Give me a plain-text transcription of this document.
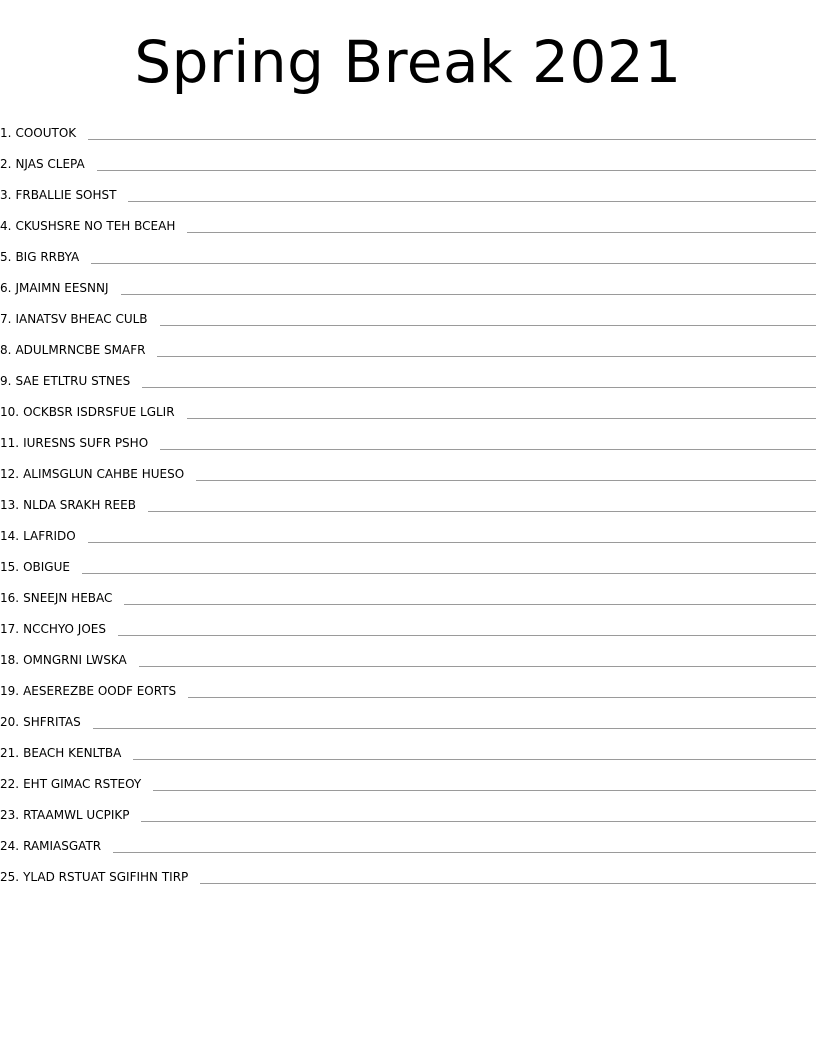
Spring Break 2021
1. COOUTOK
2. NJAS CLEPA
3. FRBALLIE SOHST
4. CKUSHSRE NO TEH BCEAH
5. BIG RRBYA
6. JMAIMN EESNNJ
7. IANATSV BHEAC CULB
8. ADULMRNCBE SMAFR
9. SAE ETLTRU STNES
10. OCKBSR ISDRSFUE LGLIR
11. IURESNS SUFR PSHO
12. ALIMSGLUN CAHBE HUESO
13. NLDA SRAKH REEB
14. LAFRIDO
15. OBIGUE
16. SNEEJN HEBAC
17. NCCHYO JOES
18. OMNGRNI LWSKA
19. AESEREZBE OODF EORTS
20. SHFRITAS
21. BEACH KENLTBA
22. EHT GIMAC RSTEOY
23. RTAAMWL UCPIKP
24. RAMIASGATR
25. YLAD RSTUAT SGIFIHN TIRP
